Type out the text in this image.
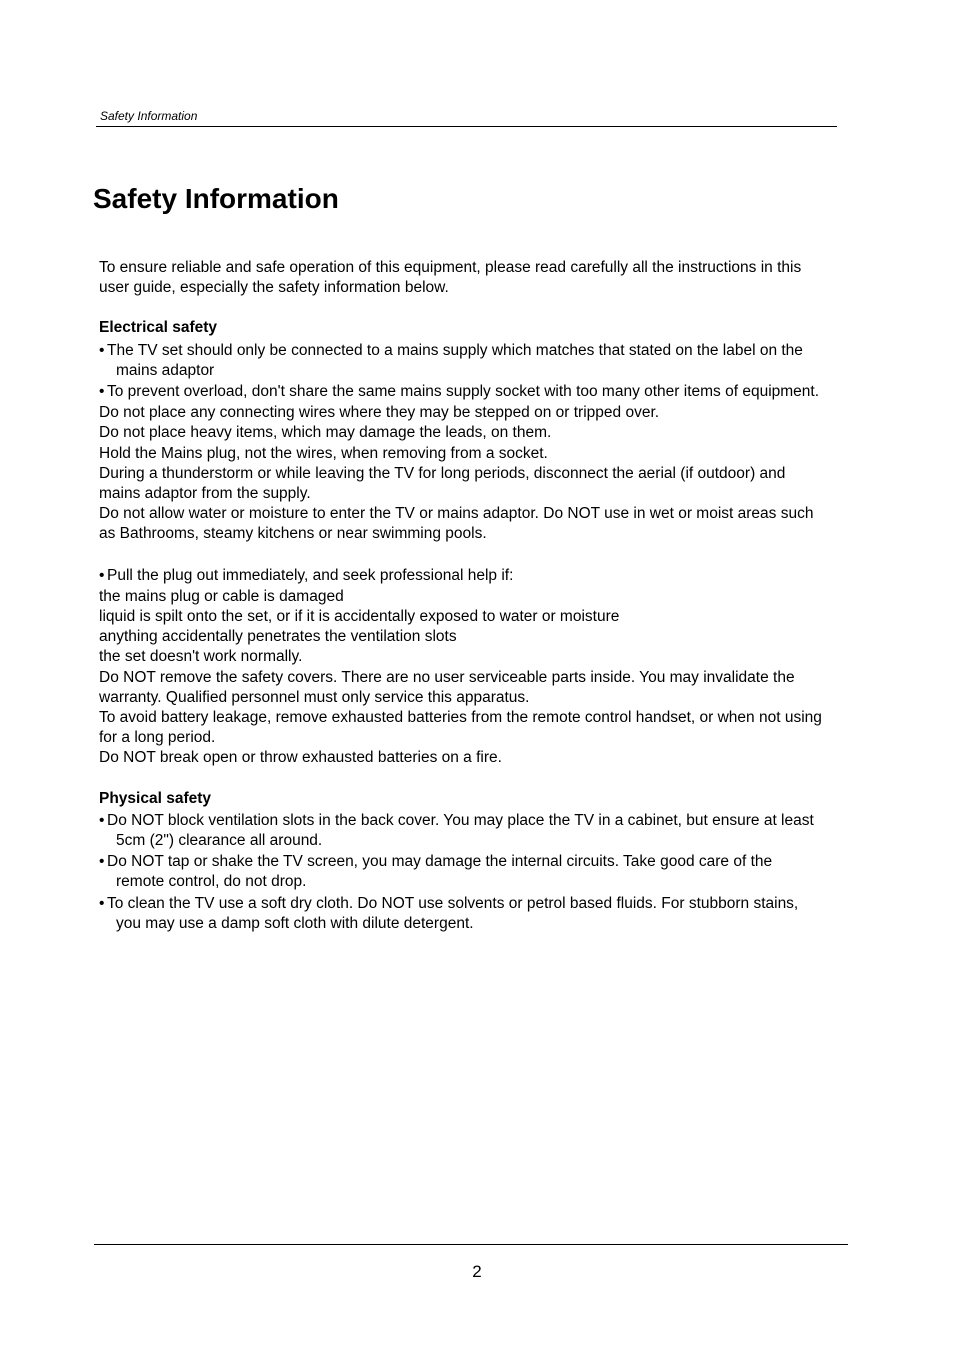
Safety Information
Safety Information

To ensure reliable and safe operation of this equipment, please read carefully all the instructions in this user guide, especially the safety information below.

Electrical safety

• The TV set should only be connected to a mains supply which matches that stated on the label on the mains adaptor

• To prevent overload, don't share the same mains supply socket with too many other items of equipment.

Do not place any connecting wires where they may be stepped on or tripped over.

Do not place heavy items, which may damage the leads, on them.

Hold the Mains plug, not the wires, when removing from a socket.

During a thunderstorm or while leaving the TV for long periods, disconnect the aerial (if outdoor) and mains adaptor from the supply.

Do not allow water or moisture to enter the TV or mains adaptor. Do NOT use in wet or moist areas such as Bathrooms, steamy kitchens or near swimming pools.

• Pull the plug out immediately, and seek professional help if:

the mains plug or cable is damaged

liquid is spilt onto the set, or if it is accidentally exposed to water or moisture

anything accidentally penetrates the ventilation slots

the set doesn't work normally.

Do NOT remove the safety covers. There are no user serviceable parts inside. You may invalidate the warranty. Qualified personnel must only service this apparatus.

To avoid battery leakage, remove exhausted batteries from the remote control handset, or when not using for a long period.

Do NOT break open or throw exhausted batteries on a fire.

Physical safety

• Do NOT block ventilation slots in the back cover. You may place the TV in a cabinet, but ensure at least 5cm (2") clearance all around.

• Do NOT tap or shake the TV screen, you may damage the internal circuits. Take good care of the remote control, do not drop.

• To clean the TV use a soft dry cloth. Do NOT use solvents or petrol based fluids. For stubborn stains, you may use a damp soft cloth with dilute detergent.

2
